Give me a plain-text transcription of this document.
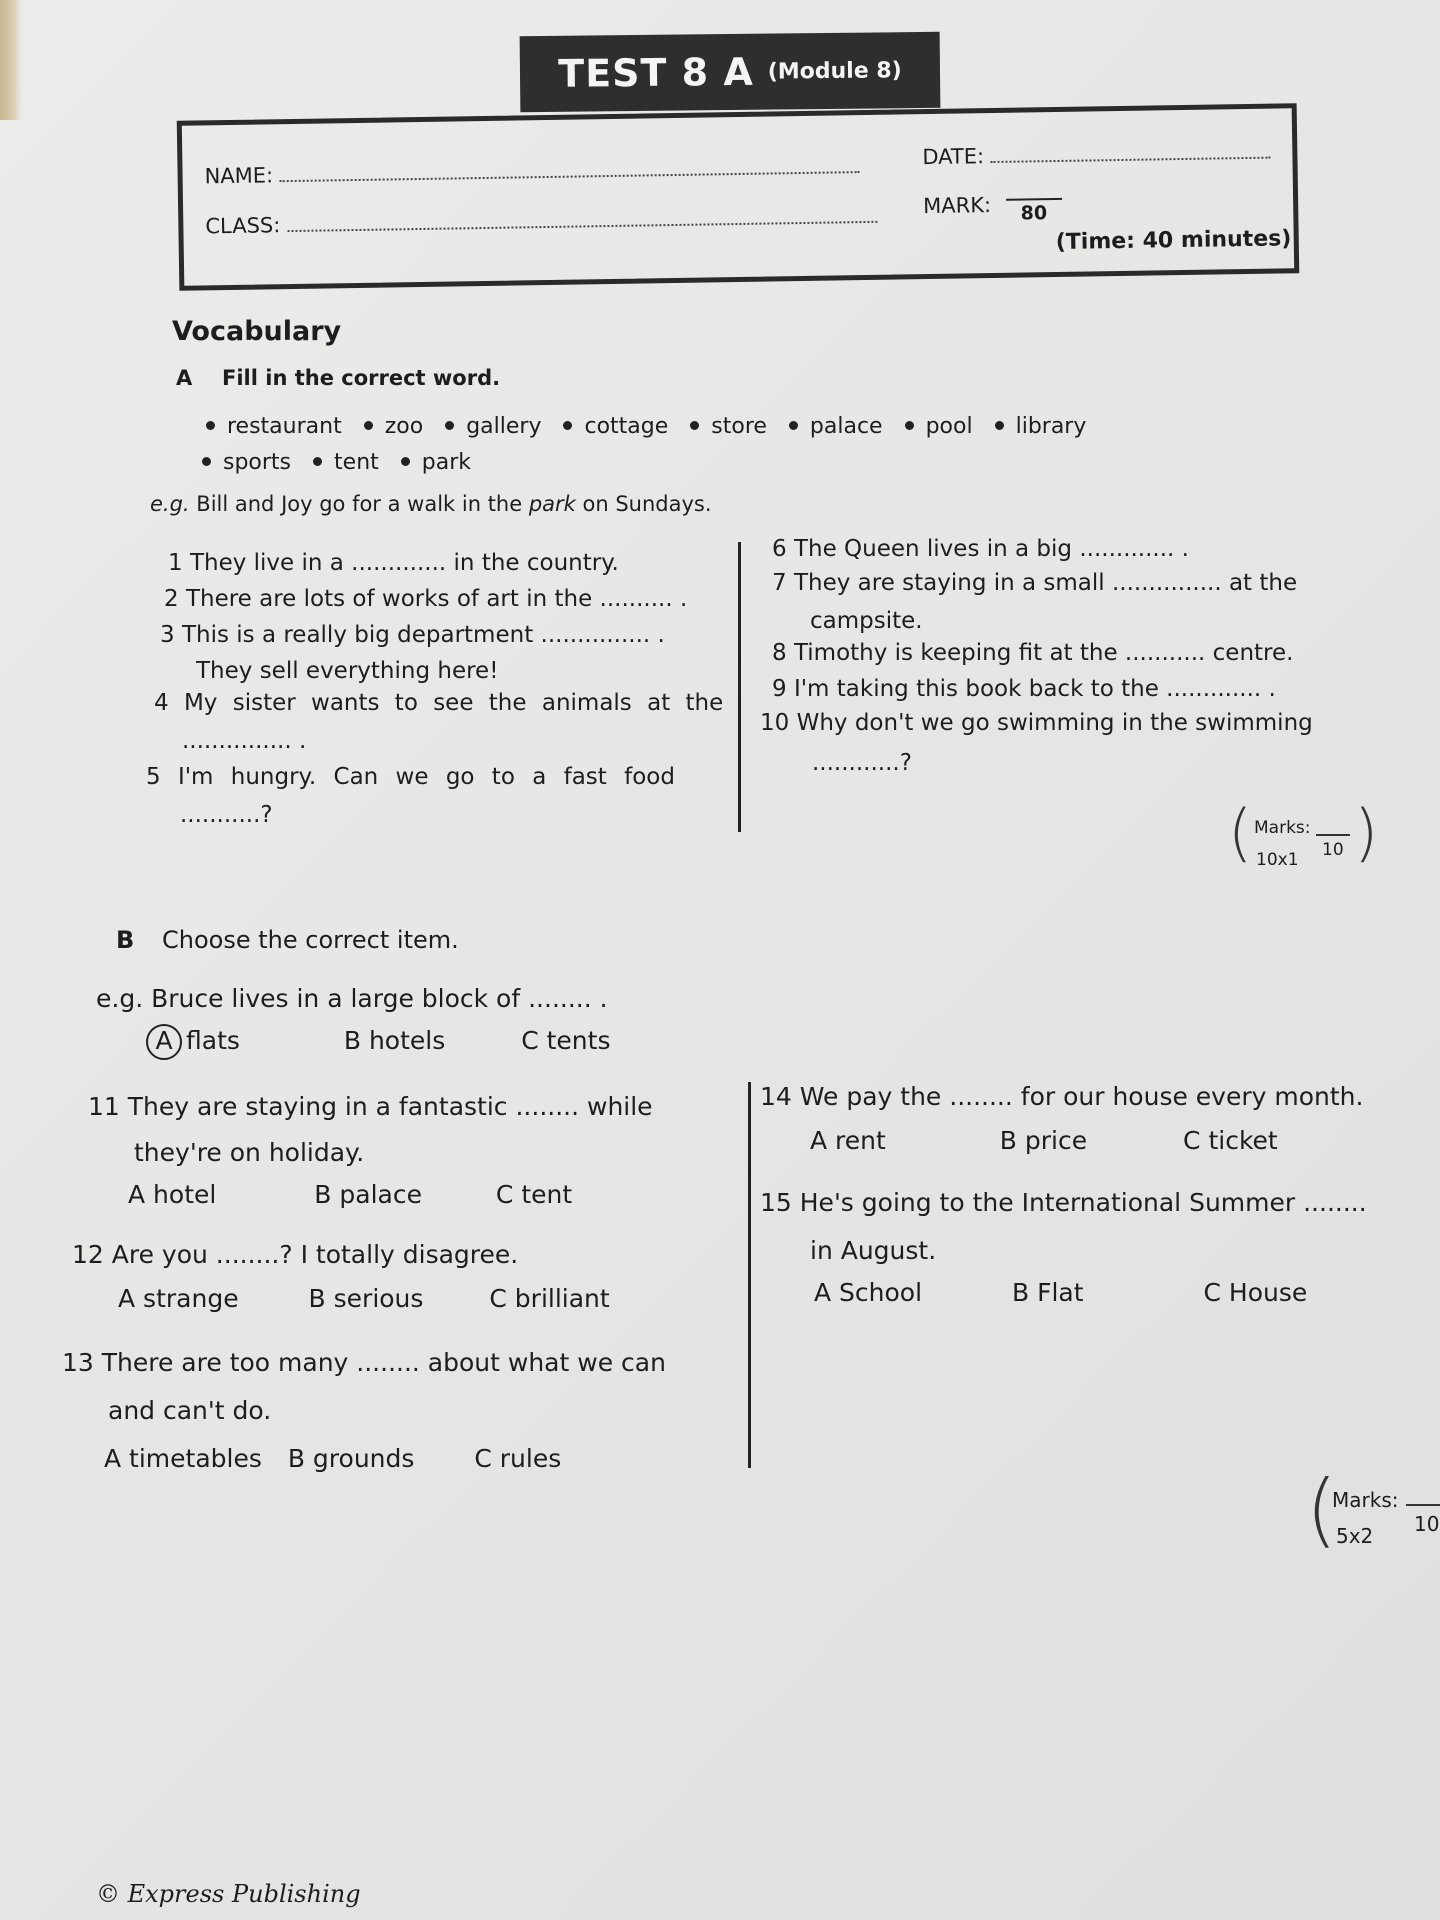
TEST 8 A (Module 8)
NAME:
CLASS:
DATE:
MARK: 80
(Time: 40 minutes)
Vocabulary
A Fill in the correct word.
restaurant zoo gallery cottage store palace pool library
sports tent park
e.g. Bill and Joy go for a walk in the park on Sundays.
1 They live in a ............. in the country.
2 There are lots of works of art in the .......... .
3 This is a really big department ............... .
They sell everything here!
4 My sister wants to see the animals at the
............... .
5 I'm hungry. Can we go to a fast food
...........?
6 The Queen lives in a big ............. .
7 They are staying in a small ............... at the
campsite.
8 Timothy is keeping fit at the ........... centre.
9 I'm taking this book back to the ............. .
10 Why don't we go swimming in the swimming
............?
( Marks:
10x1 10 )
B Choose the correct item.
e.g. Bruce lives in a large block of ........ .
A flats	B hotels	C tents
11 They are staying in a fantastic ........ while
they're on holiday.
A hotel	B palace	C tent
12 Are you ........? I totally disagree.
A strange	B serious	C brilliant
13 There are too many ........ about what we can
and can't do.
A timetables B grounds C rules
14 We pay the ........ for our house every month.
A rent	B price	C ticket
15 He's going to the International Summer ........
in August.
A School	B Flat	C House
(
Marks:
5x2 10
© Express Publishing
